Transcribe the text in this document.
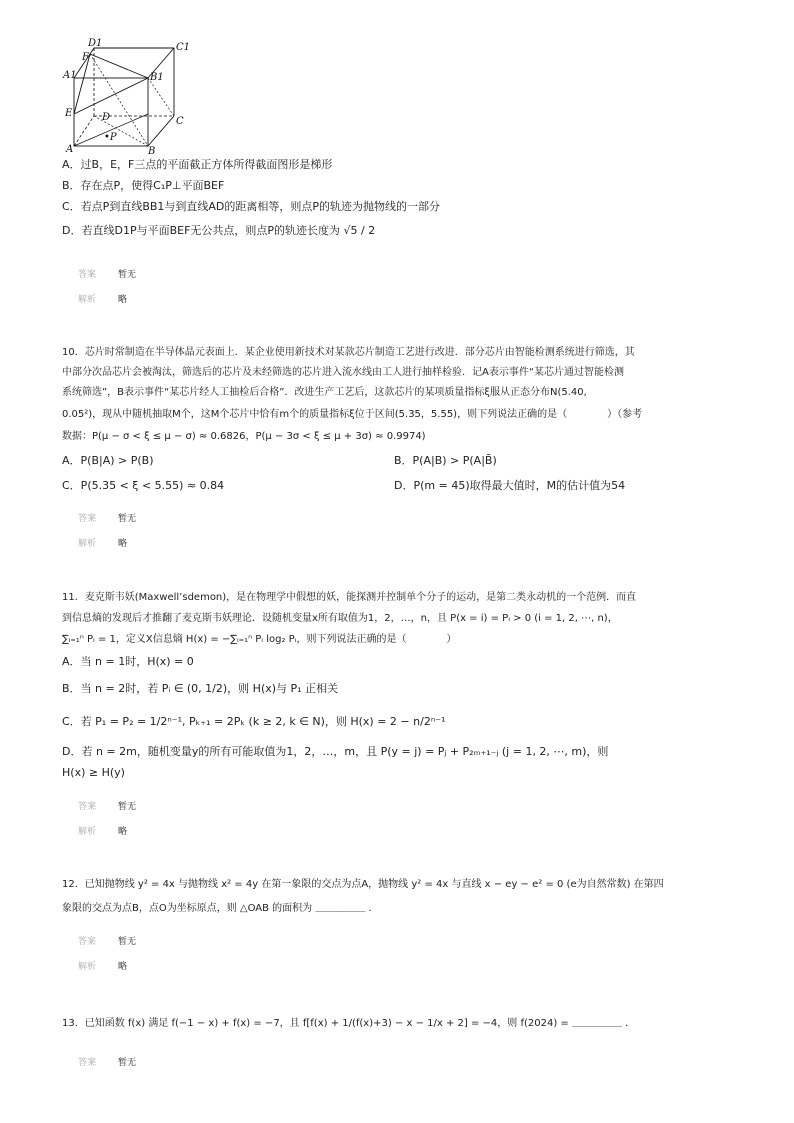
D1	C1
F
A1	B1
E	D	C
•P
A	B
A．过B，E，F三点的平面截正方体所得截面图形是梯形
B．存在点P，使得C₁P⊥平面BEF
C．若点P到直线BB1与到直线AD的距离相等，则点P的轨迹为抛物线的一部分
D．若直线D1P与平面BEF无公共点，则点P的轨迹长度为 √5 / 2
答案 暂无
解析 略
10．芯片时常制造在半导体晶元表面上．某企业使用新技术对某款芯片制造工艺进行改进．部分芯片由智能检测系统进行筛选，其
中部分次品芯片会被淘汰，筛选后的芯片及未经筛选的芯片进入流水线由工人进行抽样检验．记A表示事件“某芯片通过智能检测
系统筛选”，B表示事件“某芯片经人工抽检后合格”．改进生产工艺后，这款芯片的某项质量指标ξ服从正态分布N(5.40,
0.05²)，现从中随机抽取M个，这M个芯片中恰有m个的质量指标ξ位于区间(5.35，5.55)，则下列说法正确的是（　　　　）（参考
数据：P(μ − σ < ξ ≤ μ − σ) ≈ 0.6826，P(μ − 3σ < ξ ≤ μ + 3σ) ≈ 0.9974)
A．P(B|A) > P(B)	B．P(A|B) > P(A|B̄)
C．P(5.35 < ξ < 5.55) ≈ 0.84	D．P(m = 45)取得最大值时，M的估计值为54
答案 暂无
解析 略
11．麦克斯韦妖(Maxwell’sdemon)，是在物理学中假想的妖，能探测并控制单个分子的运动，是第二类永动机的一个范例．而直
到信息熵的发现后才推翻了麦克斯韦妖理论．设随机变量x所有取值为1，2，…，n，且 P(x = i) = Pᵢ > 0 (i = 1, 2, ⋯, n)，
∑ᵢ₌₁ⁿ Pᵢ = 1，定义X信息熵 H(x) = −∑ᵢ₌₁ⁿ Pᵢ log₂ Pᵢ，则下列说法正确的是（　　　　）
A．当 n = 1时，H(x) = 0
B．当 n = 2时，若 Pᵢ ∈ (0, 1/2)，则 H(x)与 P₁ 正相关
C．若 P₁ = P₂ = 1/2ⁿ⁻¹, Pₖ₊₁ = 2Pₖ (k ≥ 2, k ∈ N)，则 H(x) = 2 − n/2ⁿ⁻¹
D．若 n = 2m，随机变量y的所有可能取值为1，2，…，m，且 P(y = j) = Pⱼ + P₂ₘ₊₁₋ⱼ (j = 1, 2, ⋯, m)，则
H(x) ≥ H(y)
答案 暂无
解析 略
12．已知抛物线 y² = 4x 与抛物线 x² = 4y 在第一象限的交点为点A，抛物线 y² = 4x 与直线 x − ey − e² = 0 (e为自然常数) 在第四
象限的交点为点B，点O为坐标原点，则 △OAB 的面积为 ＿＿＿＿＿ ．
答案 暂无
解析 略
13．已知函数 f(x) 满足 f(−1 − x) + f(x) = −7，且 f[f(x) + 1/(f(x)+3) − x − 1/x + 2] = −4，则 f(2024) = ＿＿＿＿＿ ．
答案 暂无
